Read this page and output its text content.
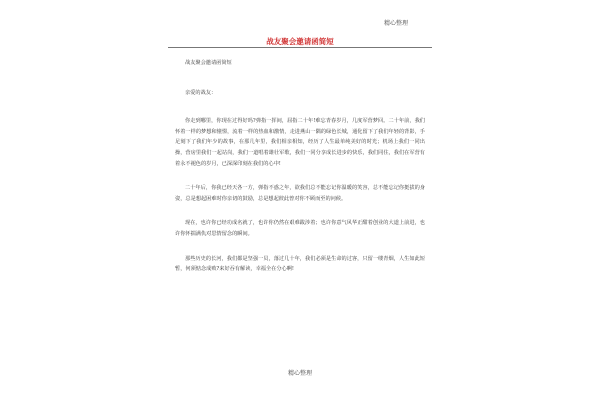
精心整理
战友聚会邀请函简短

战友聚会邀请函简短

亲爱的战友：

你走到哪里，你现在过得好吗?弹指一挥间，屈指二十年!难忘青春岁月，几度军营梦回。二十年前，我们怀着一样的梦想和憧憬，流着一样的热血和激情，走进燕山一隅的绿色长城，通化留下了我们年轻的背影，手足刻下了我们年少的故事，在那几年里，我们相亲相知，经历了人生最单纯美好的时光；机场上我们一同出操，营房里我们一起站岗，我们一道唱着雄壮军歌，我们一同分享成长进步的快乐，我们同住，我们在军营有着永不褪色的岁月，已深深印刻在我们的心中!

二十年后，你我已经天各一方，弹指不惑之年，欲我们总不能忘记你温暖的笑容，总不能忘记你挺拔的身姿，总是想起困难时你亲切的鼓励，总是想起彼此曾对你不顾而至的问候。

现在，也许你已经功成名就了，也许你仍然在艰难跋涉着；也许你意气风华正酣着创业的大道上前进，也许你怀揣满仇对思情留念的瞬间。

那些历史的长河，我们都是坚强一员，落过几十年，我们必须是生命的过客，只留一缕青烟，人生如此短暂，何须惦念成败?来好吞有解读，幸福全在分心啊!

精心整理
